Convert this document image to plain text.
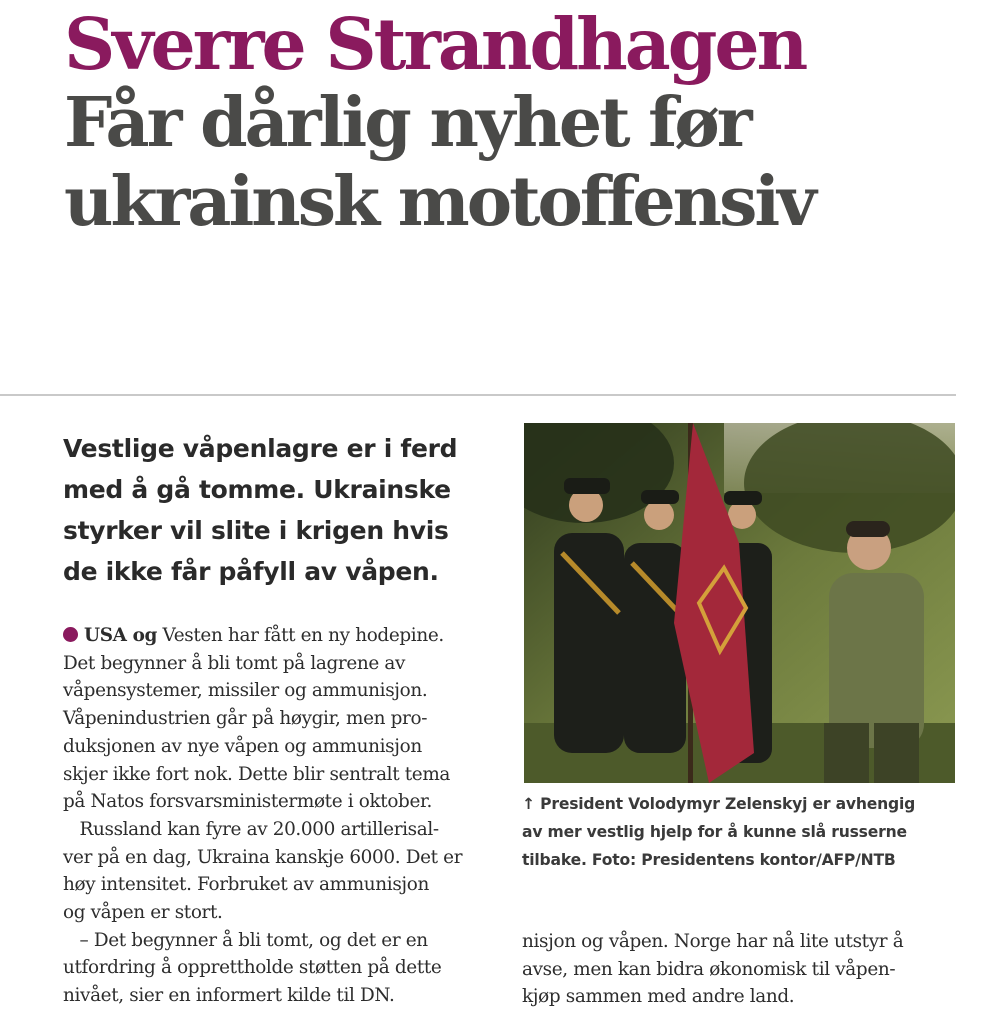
Sverre Strandhagen
Får dårlig nyhet før
ukrainsk motoffensiv
Vestlige våpenlagre er i ferd
med å gå tomme. Ukrainske
styrker vil slite i krigen hvis
de ikke får påfyll av våpen.
USA og Vesten har fått en ny hodepine.
Det begynner å bli tomt på lagrene av
våpensystemer, missiler og ammunisjon.
Våpenindustrien går på høygir, men pro-
duksjonen av nye våpen og ammunisjon
skjer ikke fort nok. Dette blir sentralt tema
på Natos forsvarsministermøte i oktober.
Russland kan fyre av 20.000 artillerisal-
ver på en dag, Ukraina kanskje 6000. Det er
høy intensitet. Forbruket av ammunisjon
og våpen er stort.
– Det begynner å bli tomt, og det er en
utfordring å opprettholde støtten på dette
nivået, sier en informert kilde til DN.
↑ President Volodymyr Zelenskyj er avhengig
av mer vestlig hjelp for å kunne slå russerne
tilbake. Foto: Presidentens kontor/AFP/NTB
nisjon og våpen. Norge har nå lite utstyr å
avse, men kan bidra økonomisk til våpen-
kjøp sammen med andre land.
